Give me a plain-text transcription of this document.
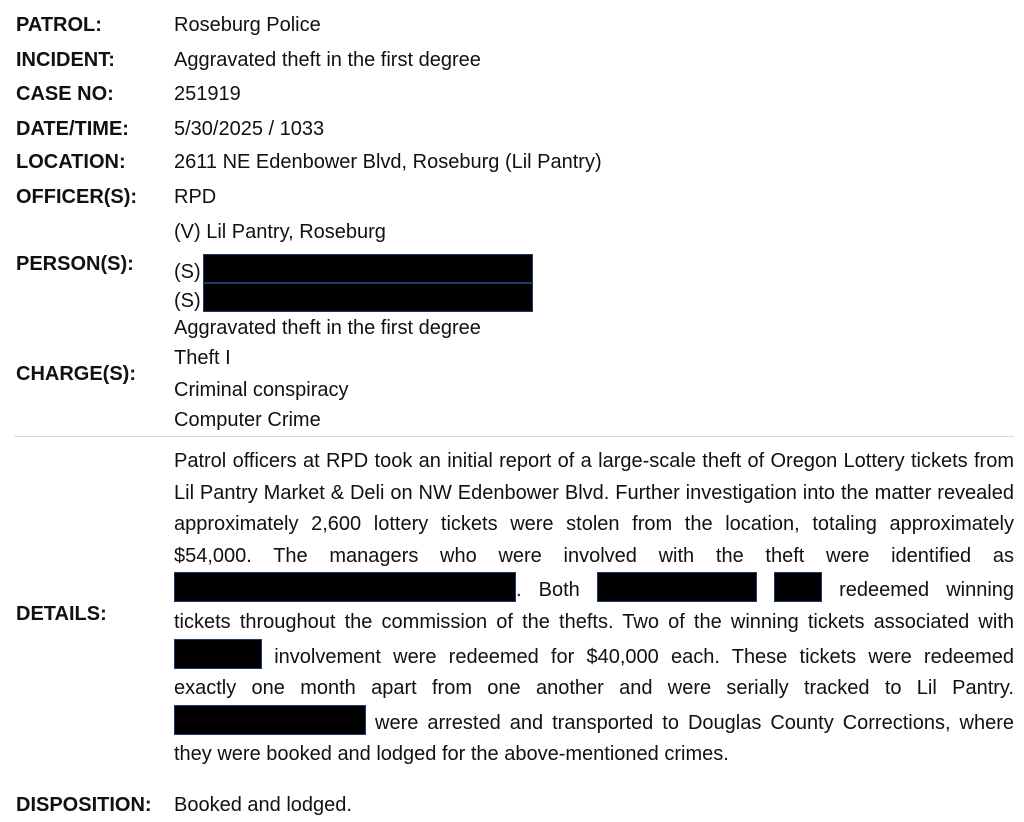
PATROL:	Roseburg Police
INCIDENT:	Aggravated theft in the first degree
CASE NO:	251919
DATE/TIME: 5/30/2025 / 1033
LOCATION: 2611 NE Edenbower Blvd, Roseburg (Lil Pantry)
OFFICER(S): RPD
PERSON(S):
(V) Lil Pantry, Roseburg
(S)
(S)
CHARGE(S):
Aggravated theft in the first degree
Theft I
Criminal conspiracy
Computer Crime
DETAILS:
Patrol officers at RPD took an initial report of a large-scale theft of Oregon Lottery tickets from Lil Pantry Market & Deli on NW Edenbower Blvd. Further investigation into the matter revealed approximately 2,600 lottery tickets were stolen from the location, totaling approximately $54,000. The managers who were involved with the theft were identified as . Both	redeemed winning tickets throughout the commission of the thefts. Two of the winning tickets associated with  involvement were redeemed for $40,000 each. These tickets were redeemed exactly one month apart from one another and were serially tracked to Lil Pantry.  were arrested and transported to Douglas County Corrections, where they were booked and lodged for the above-mentioned crimes.
DISPOSITION: Booked and lodged.
